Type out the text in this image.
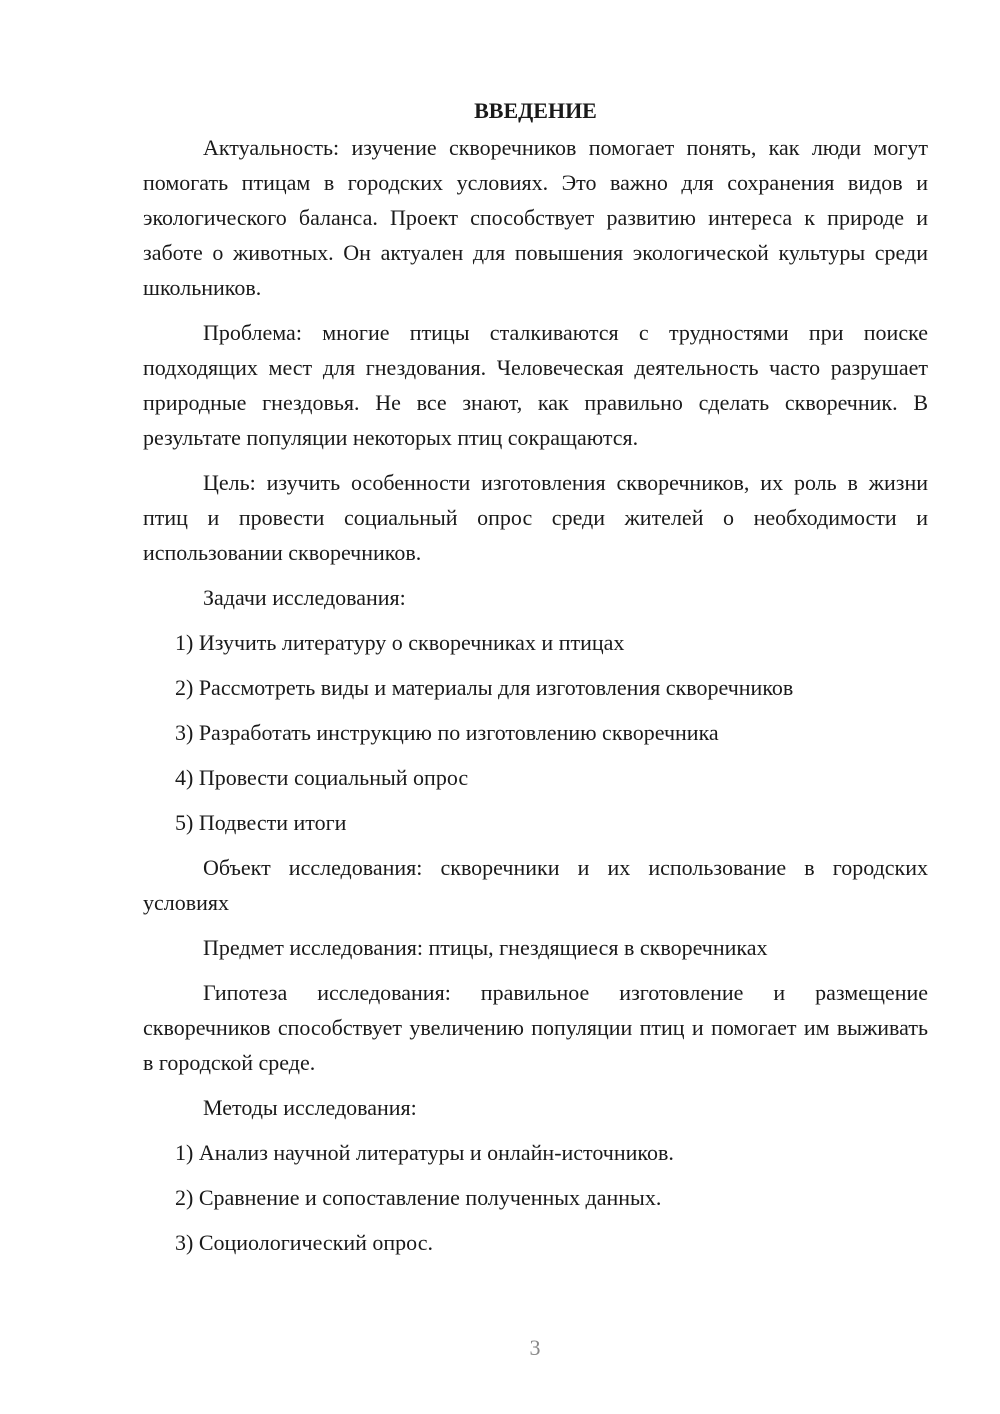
ВВЕДЕНИЕ

Актуальность: изучение скворечников помогает понять, как люди могут помогать птицам в городских условиях. Это важно для сохранения видов и экологического баланса. Проект способствует развитию интереса к природе и заботе о животных. Он актуален для повышения экологической культуры среди школьников.

Проблема: многие птицы сталкиваются с трудностями при поиске подходящих мест для гнездования. Человеческая деятельность часто разрушает природные гнездовья. Не все знают, как правильно сделать скворечник. В результате популяции некоторых птиц сокращаются.

Цель: изучить особенности изготовления скворечников, их роль в жизни птиц и провести социальный опрос среди жителей о необходимости и использовании скворечников.

Задачи исследования:

1) Изучить литературу о скворечниках и птицах

2) Рассмотреть виды и материалы для изготовления скворечников

3) Разработать инструкцию по изготовлению скворечника

4) Провести социальный опрос

5) Подвести итоги

Объект исследования: скворечники и их использование в городских условиях

Предмет исследования: птицы, гнездящиеся в скворечниках

Гипотеза исследования: правильное изготовление и размещение скворечников способствует увеличению популяции птиц и помогает им выживать в городской среде.

Методы исследования:

1) Анализ научной литературы и онлайн-источников.

2) Сравнение и сопоставление полученных данных.

3) Социологический опрос.

3
